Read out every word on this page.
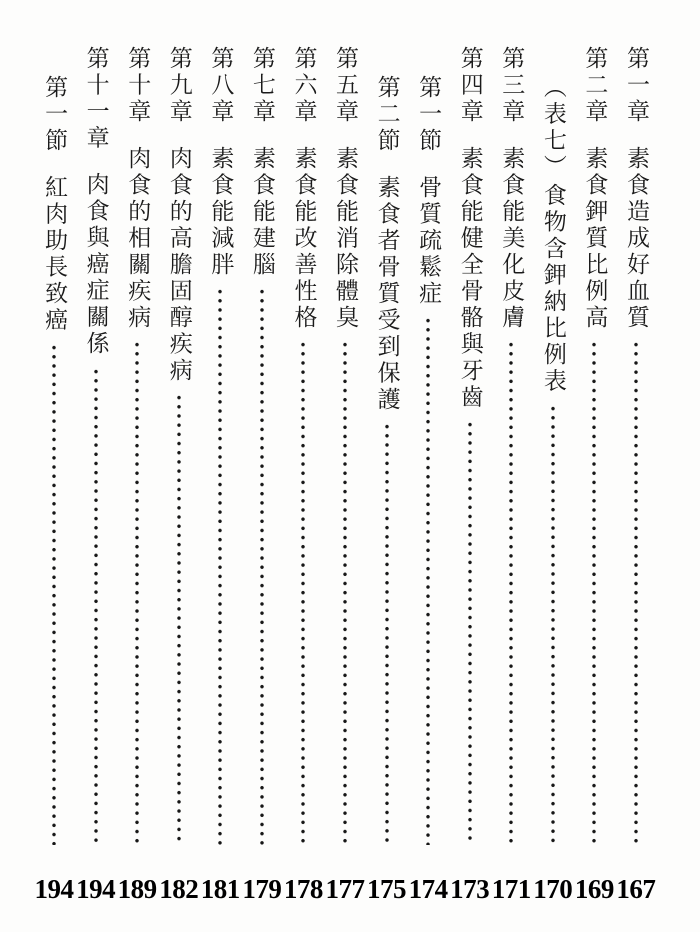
第一章素食造成好血質
167
第二章素食鉀質比例高
169
（表七）食物含鉀納比例表
170
第三章素食能美化皮膚
171
第四章素食能健全骨骼與牙齒
173
第一節骨質疏鬆症
174
第二節素食者骨質受到保護
175
第五章素食能消除體臭
177
第六章素食能改善性格
178
第七章素食能建腦
179
第八章素食能減胖
181
第九章肉食的高膽固醇疾病
182
第十章肉食的相關疾病
189
第十一章肉食與癌症關係
194
第一節紅肉助長致癌
194
